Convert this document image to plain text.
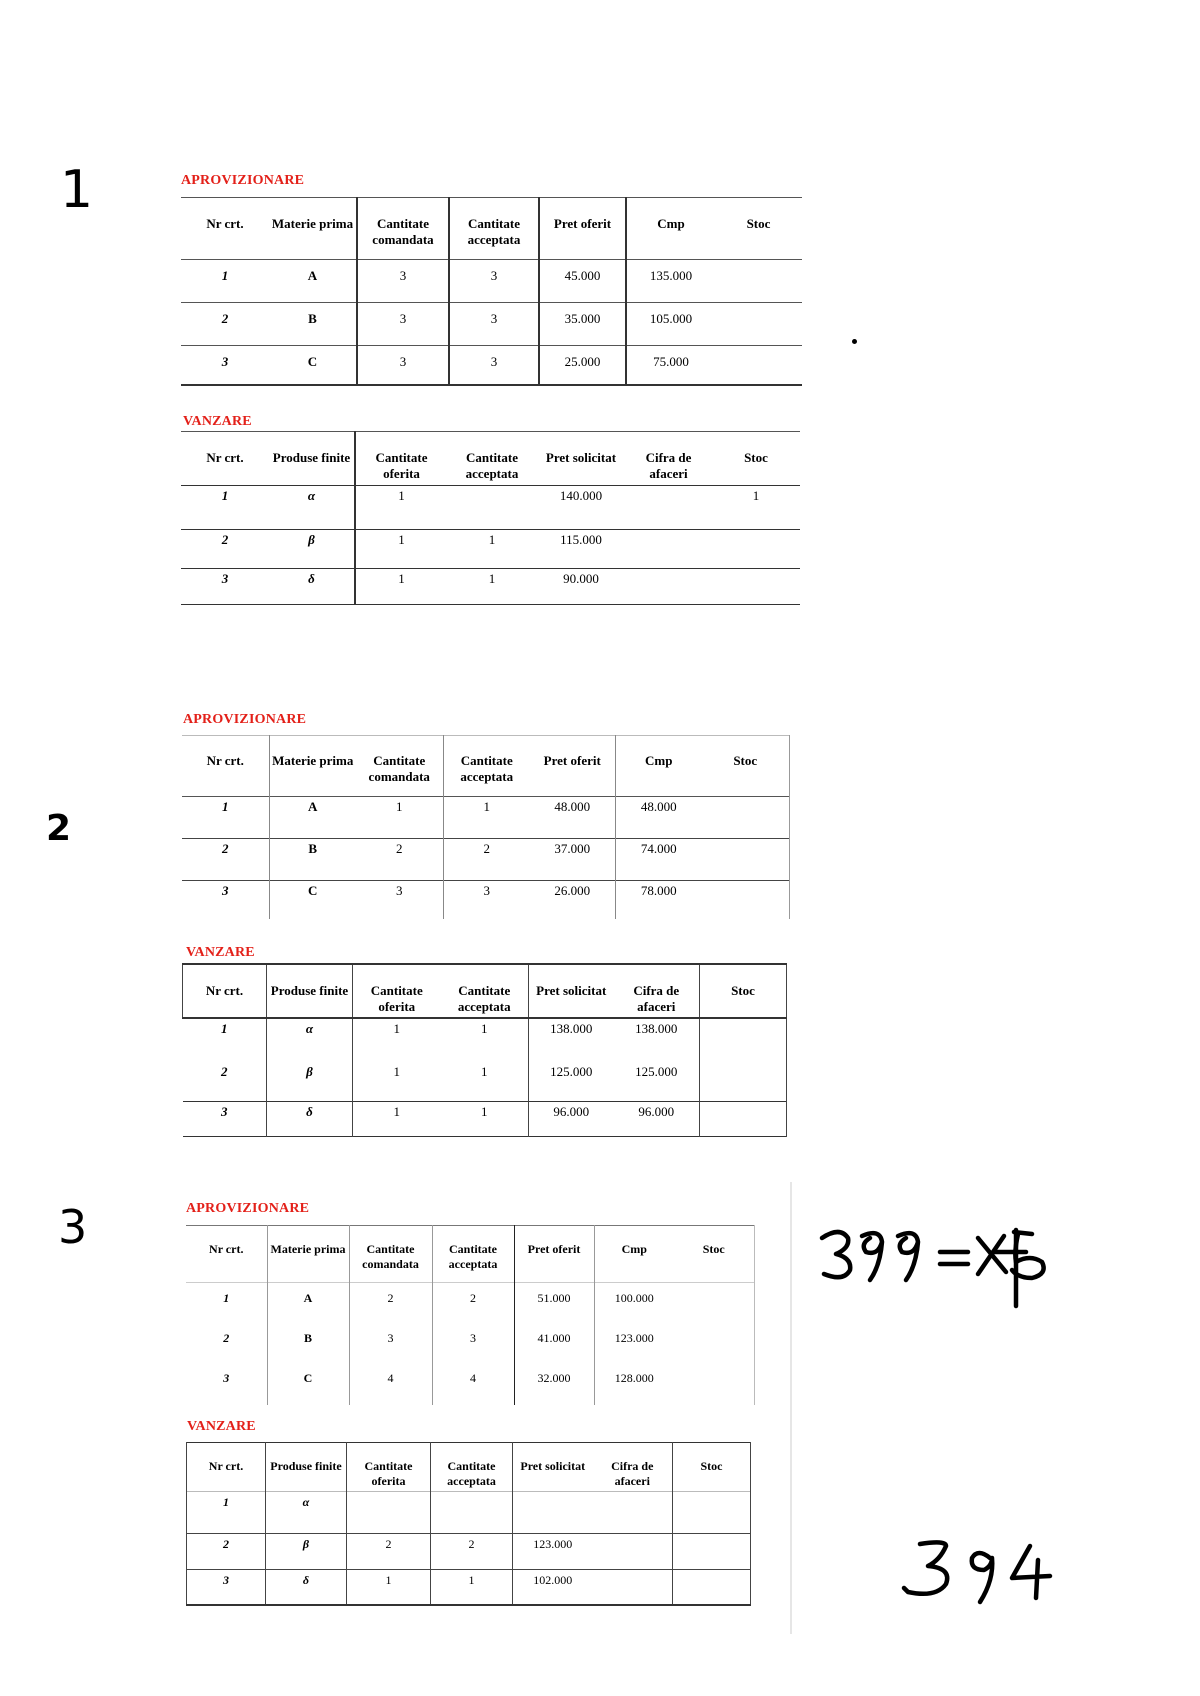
1
2
3
APROVIZIONARE
Nr crt.	Materie prima	Cantitate comandata	Cantitate acceptata	Pret oferit	Cmp	Stoc
1	A	3	3	45.000	135.000	
2	B	3	3	35.000	105.000	
3	C	3	3	25.000	75.000	
VANZARE
Nr crt.	Produse finite	Cantitate oferita	Cantitate acceptata	Pret solicitat	Cifra de afaceri	Stoc
1	α	1		140.000		1
2	β	1	1	115.000		
3	δ	1	1	90.000		
APROVIZIONARE
Nr crt.	Materie prima	Cantitate comandata	Cantitate acceptata	Pret oferit	Cmp	Stoc
1	A	1	1	48.000	48.000	
2	B	2	2	37.000	74.000	
3	C	3	3	26.000	78.000	
VANZARE
Nr crt.	Produse finite	Cantitate oferita	Cantitate acceptata	Pret solicitat	Cifra de afaceri	Stoc
1	α	1	1	138.000	138.000	
2	β	1	1	125.000	125.000	
3	δ	1	1	96.000	96.000	
APROVIZIONARE
Nr crt.	Materie prima	Cantitate comandata	Cantitate acceptata	Pret oferit	Cmp	Stoc
1	A	2	2	51.000	100.000	
2	B	3	3	41.000	123.000	
3	C	4	4	32.000	128.000	
VANZARE
Nr crt.	Produse finite	Cantitate oferita	Cantitate acceptata	Pret solicitat	Cifra de afaceri	Stoc
1	α					
2	β	2	2	123.000		
3	δ	1	1	102.000		
